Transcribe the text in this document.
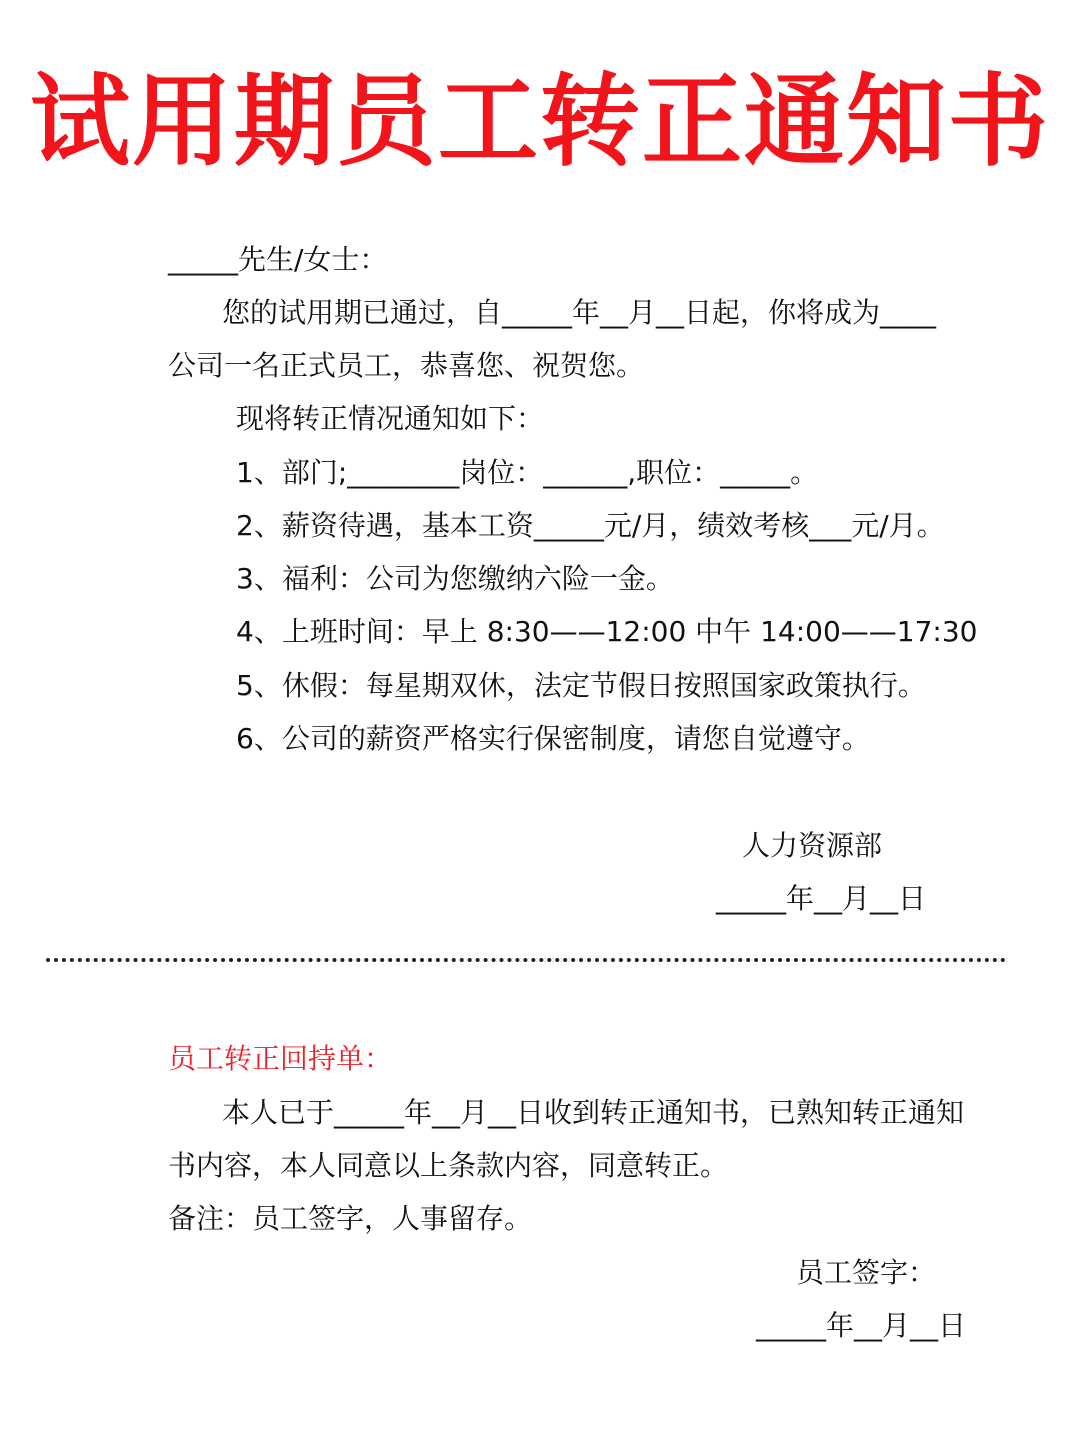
试用期员工转正通知书
_____先生/女士：
您的试用期已通过，自_____年__月__日起，你将成为____
公司一名正式员工，恭喜您、祝贺您。
现将转正情况通知如下：
1、部门;________岗位：______,职位：_____。
2、薪资待遇，基本工资_____元/月，绩效考核___元/月。
3、福利：公司为您缴纳六险一金。
4、上班时间：早上 8:30——12:00 中午 14:00——17:30
5、休假：每星期双休，法定节假日按照国家政策执行。
6、公司的薪资严格实行保密制度，请您自觉遵守。
人力资源部
_____年__月__日
员工转正回持单：
本人已于_____年__月__日收到转正通知书，已熟知转正通知
书内容，本人同意以上条款内容，同意转正。
备注：员工签字，人事留存。
员工签字：
_____年__月__日
